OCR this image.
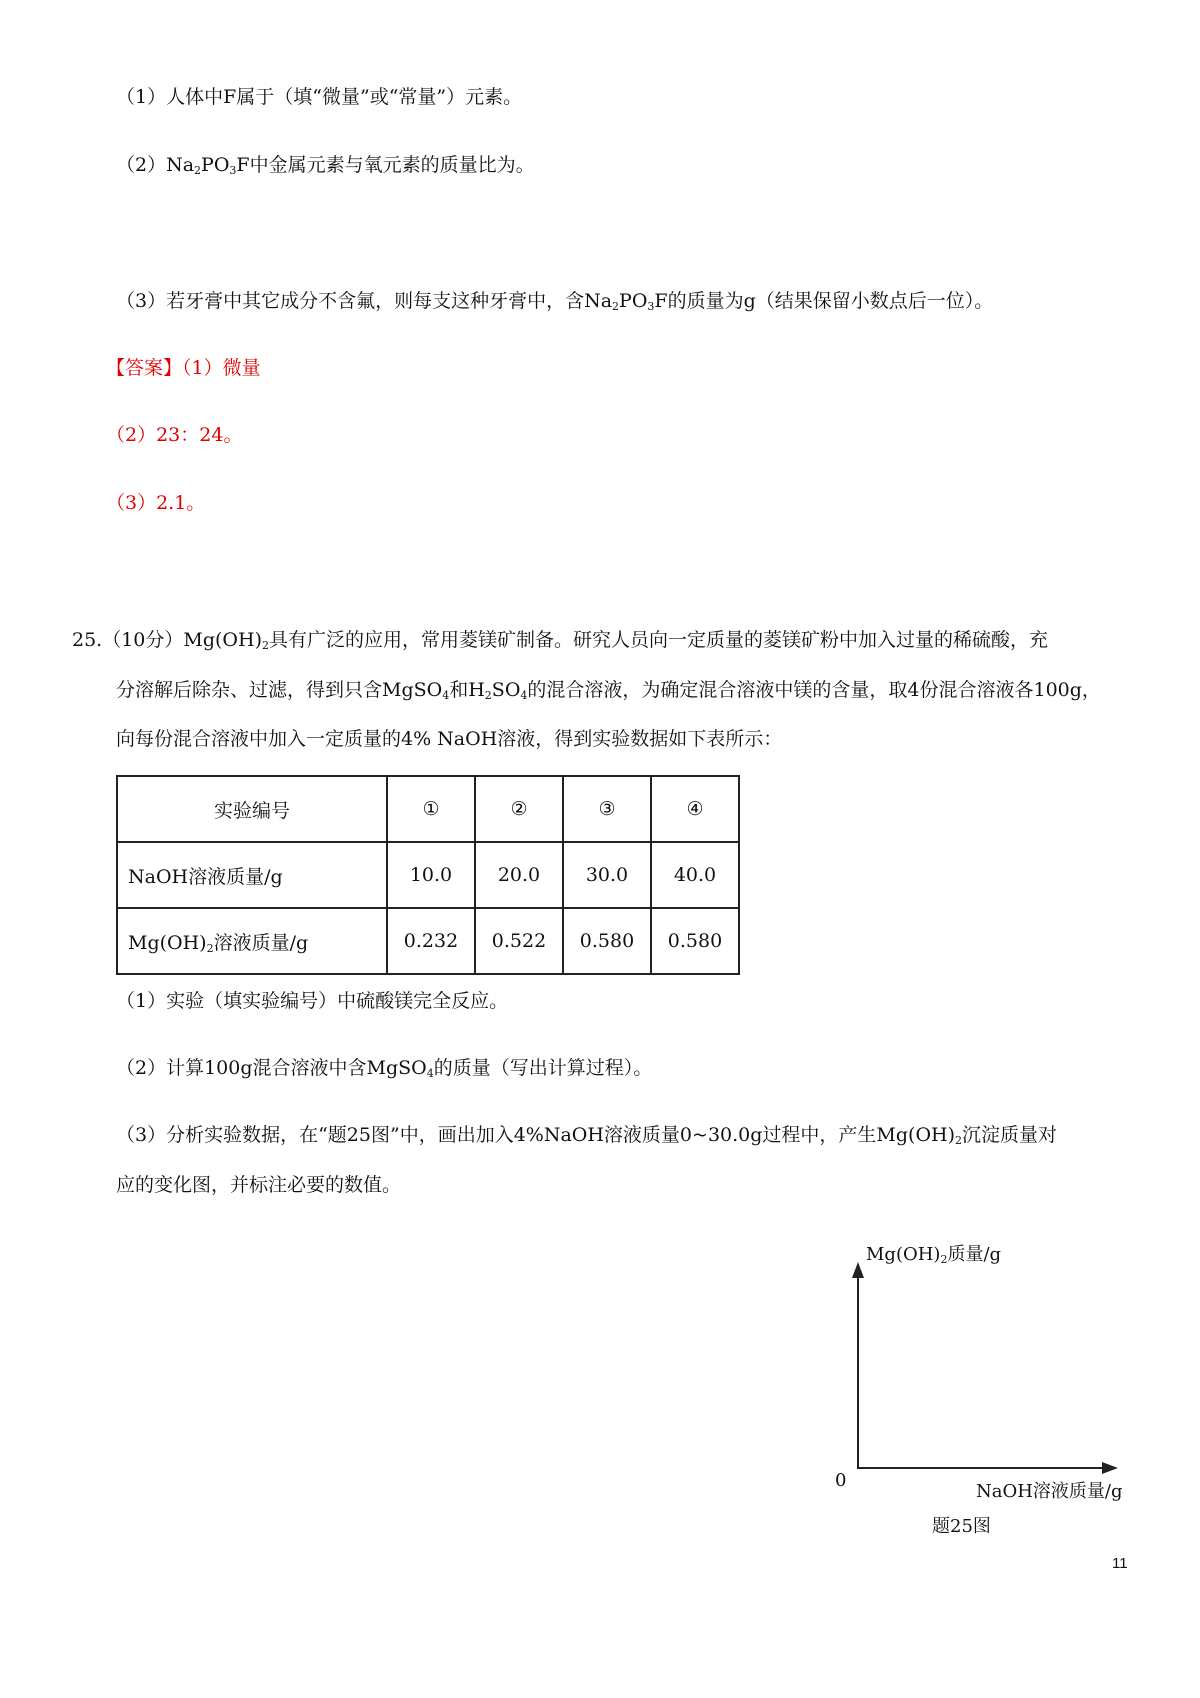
（1）人体中F属于（填“微量”或“常量”）元素。
$(2)Na_2PO_3F$中金属元素与氧元素的质量比为。
（3）若牙膏中其它成分不含氟，则每支这种牙膏中，含$Na_2PO_3F$的质量为g（结果保留小数点后一位）。
【答案】（1）微量
（2）23：24。
（3）2.1。
25.（10分）$Mg(OH)_2$具有广泛的应用，常用菱镁矿制备。研究人员向一定质量的菱镁矿粉中加入过量的稀硫酸，充
分溶解后除杂、过滤，得到只含MgSO$_4$和$H_2SO_4$的混合溶液，为确定混合溶液中镁的含量，取4份混合溶液各100g，
向每份混合溶液中加入一定质量的4% NaOH溶液，得到实验数据如下表所示：
实验编号	①	②	③	④
NaOH溶液质量/g	10.0	20.0	30.0	40.0
$Mg(OH)_2$溶液质量/g	0.232	0.522	0.580	0.580
（1）实验（填实验编号）中硫酸镁完全反应。
（2）计算100g混合溶液中含MgSO$_4$的质量（写出计算过程）。
（3）分析实验数据，在“题25图”中，画出加入4%NaOH溶液质量0~30.0g过程中，产生$Mg(OH)_2$沉淀质量对
应的变化图，并标注必要的数值。
$Mg(OH)_2$质量/g
0
NaOH溶液质量/g
题25图
11
